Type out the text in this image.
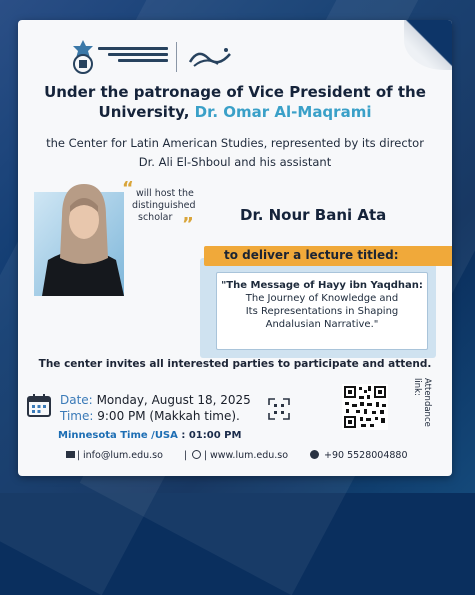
Under the patronage of Vice President of the
University, Dr. Omar Al-Maqrami
the Center for Latin American Studies, represented by its director
Dr. Ali El-Shboul and his assistant
“ will host the
distinguished
scholar ”	Dr. Nour Bani Ata
"The Message of Hayy ibn Yaqdhan:
The Journey of Knowledge and
Its Representations in Shaping
Andalusian Narrative."
to deliver a lecture titled:
The center invites all interested parties to participate and attend.
Date: Monday, August 18, 2025
Time: 9:00 PM (Makkah time).
Minnesota Time /USA : 01:00 PM
Attendance link:
| info@lum.edu.so | | www.lum.edu.so	+90 5528004880
